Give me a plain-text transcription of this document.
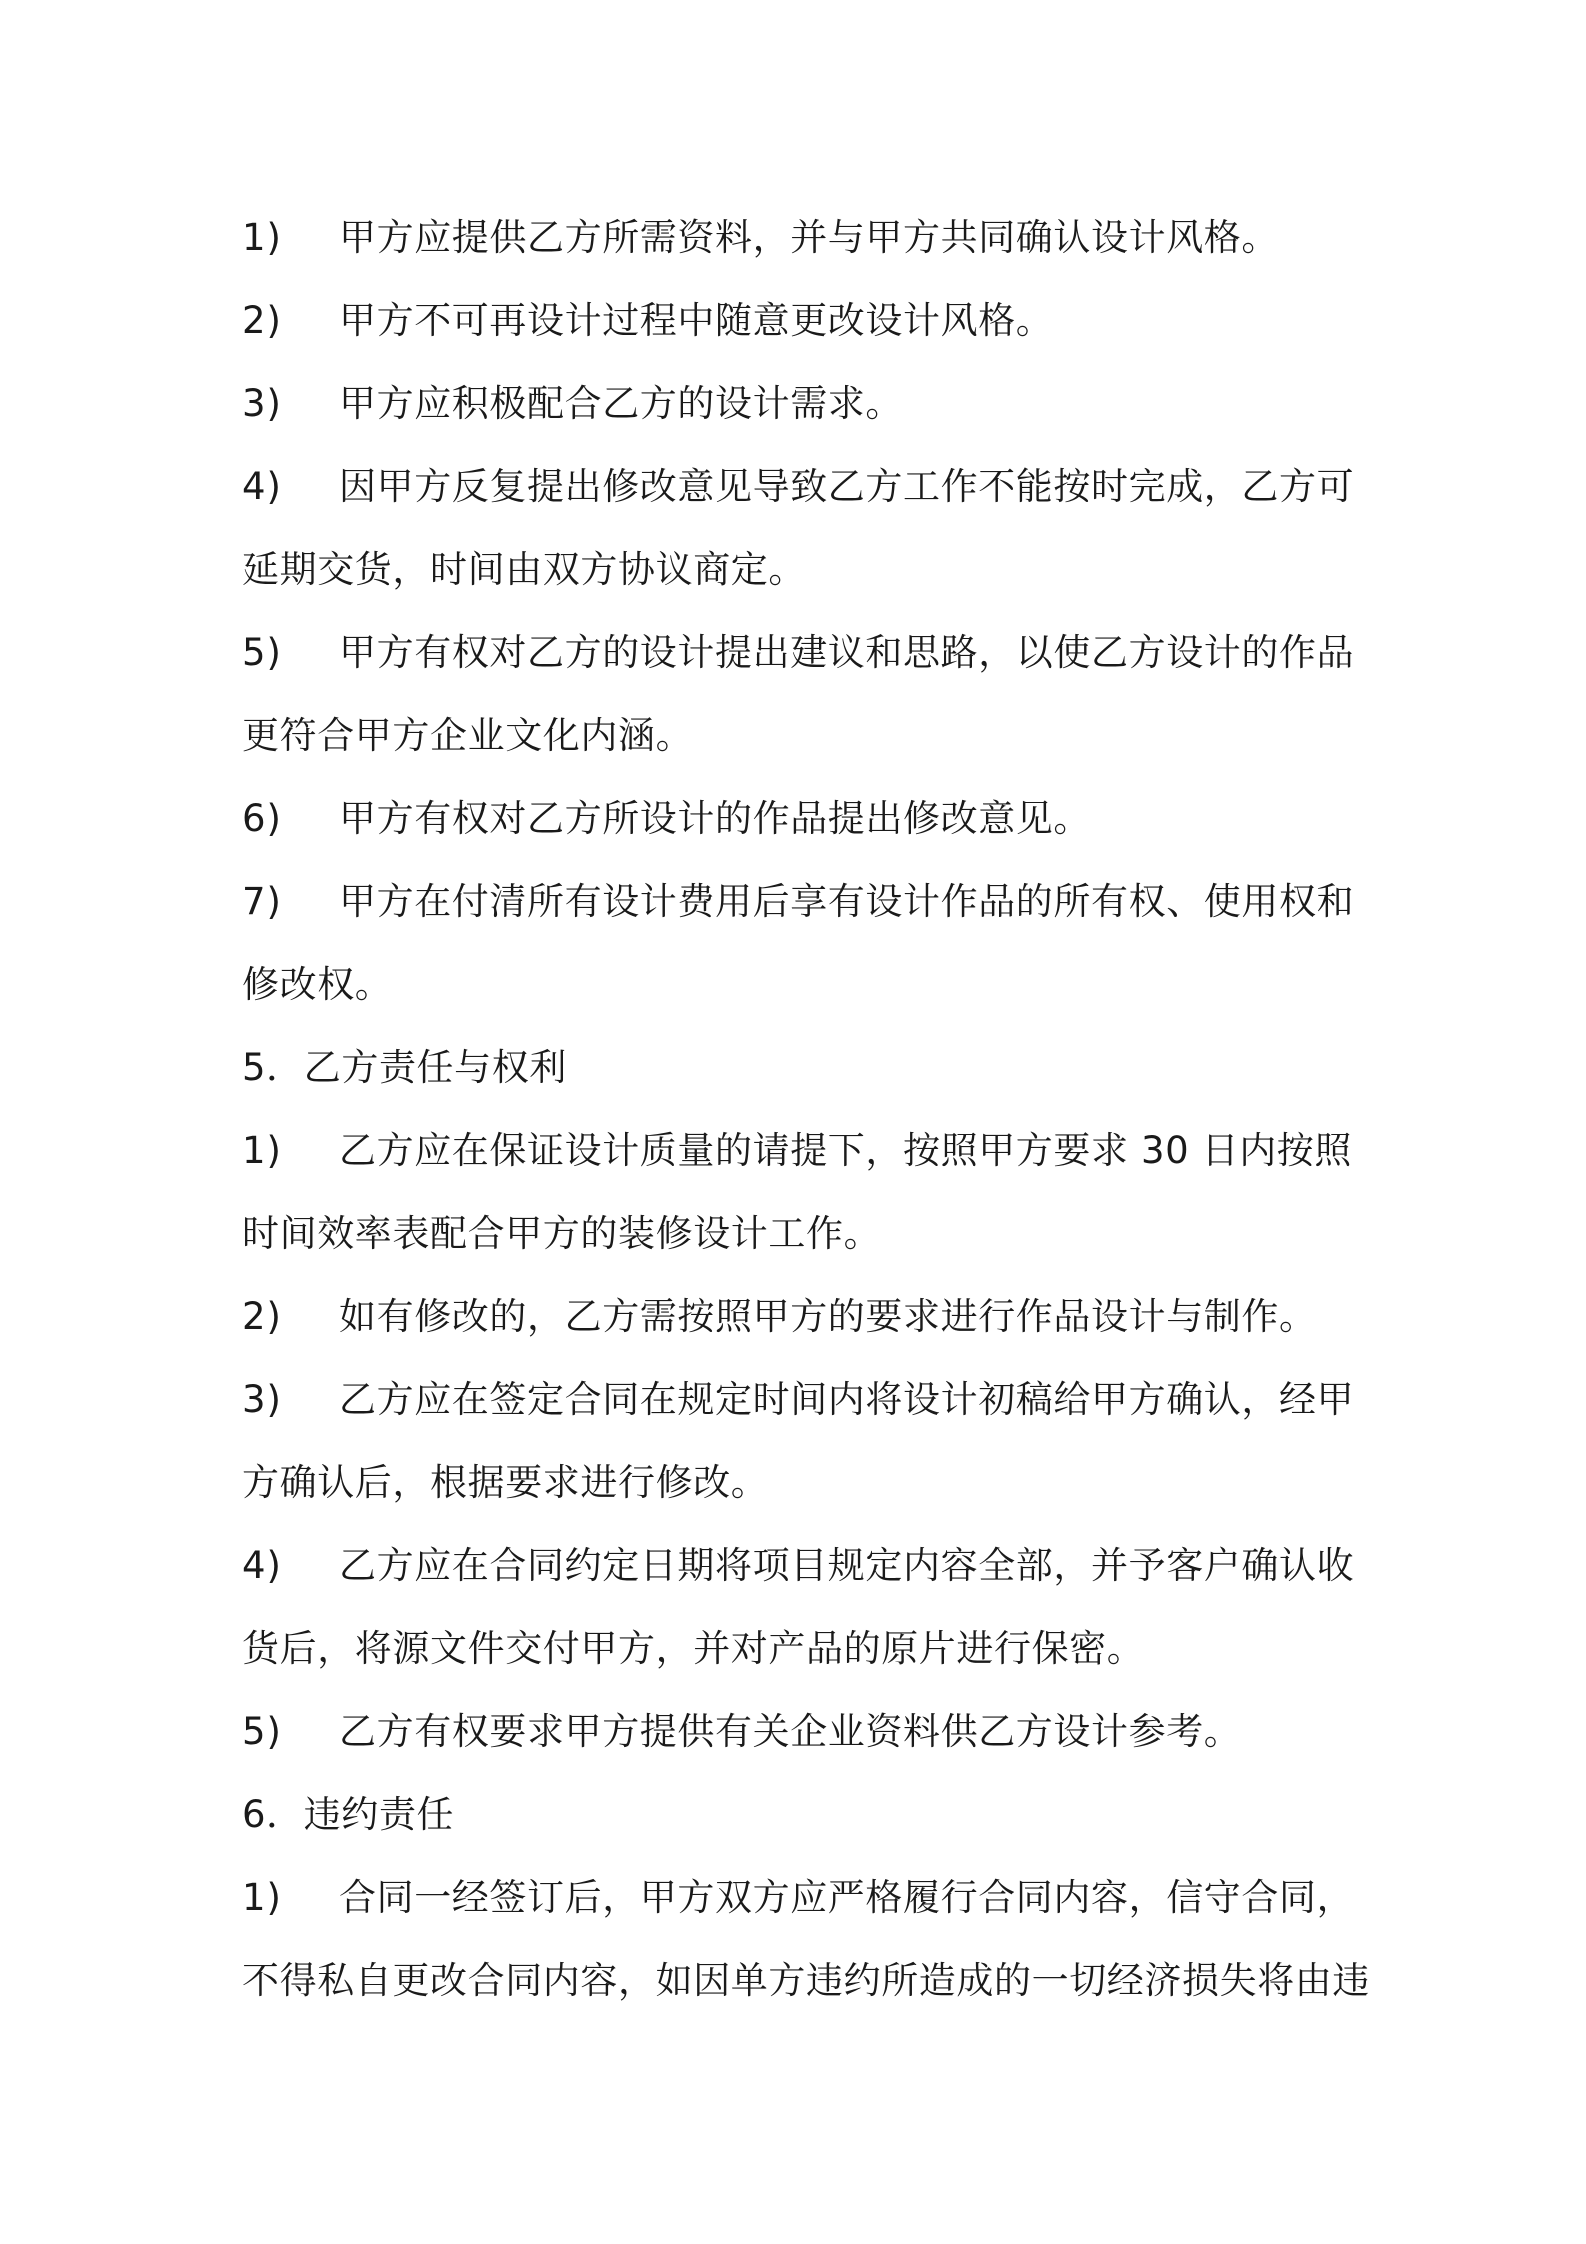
1)	甲方应提供乙方所需资料，并与甲方共同确认设计风格。
2)	甲方不可再设计过程中随意更改设计风格。
3)	甲方应积极配合乙方的设计需求。
4)	因甲方反复提出修改意见导致乙方工作不能按时完成，乙方可
延期交货，时间由双方协议商定。
5)	甲方有权对乙方的设计提出建议和思路，以使乙方设计的作品
更符合甲方企业文化内涵。
6)	甲方有权对乙方所设计的作品提出修改意见。
7)	甲方在付清所有设计费用后享有设计作品的所有权、使用权和
修改权。
5．乙方责任与权利
1)	乙方应在保证设计质量的请提下，按照甲方要求 30 日内按照
时间效率表配合甲方的装修设计工作。
2)	如有修改的，乙方需按照甲方的要求进行作品设计与制作。
3)	乙方应在签定合同在规定时间内将设计初稿给甲方确认，经甲
方确认后，根据要求进行修改。
4)	乙方应在合同约定日期将项目规定内容全部，并予客户确认收
货后，将源文件交付甲方，并对产品的原片进行保密。
5)	乙方有权要求甲方提供有关企业资料供乙方设计参考。
6．违约责任
1)	合同一经签订后，甲方双方应严格履行合同内容，信守合同，
不得私自更改合同内容，如因单方违约所造成的一切经济损失将由违
